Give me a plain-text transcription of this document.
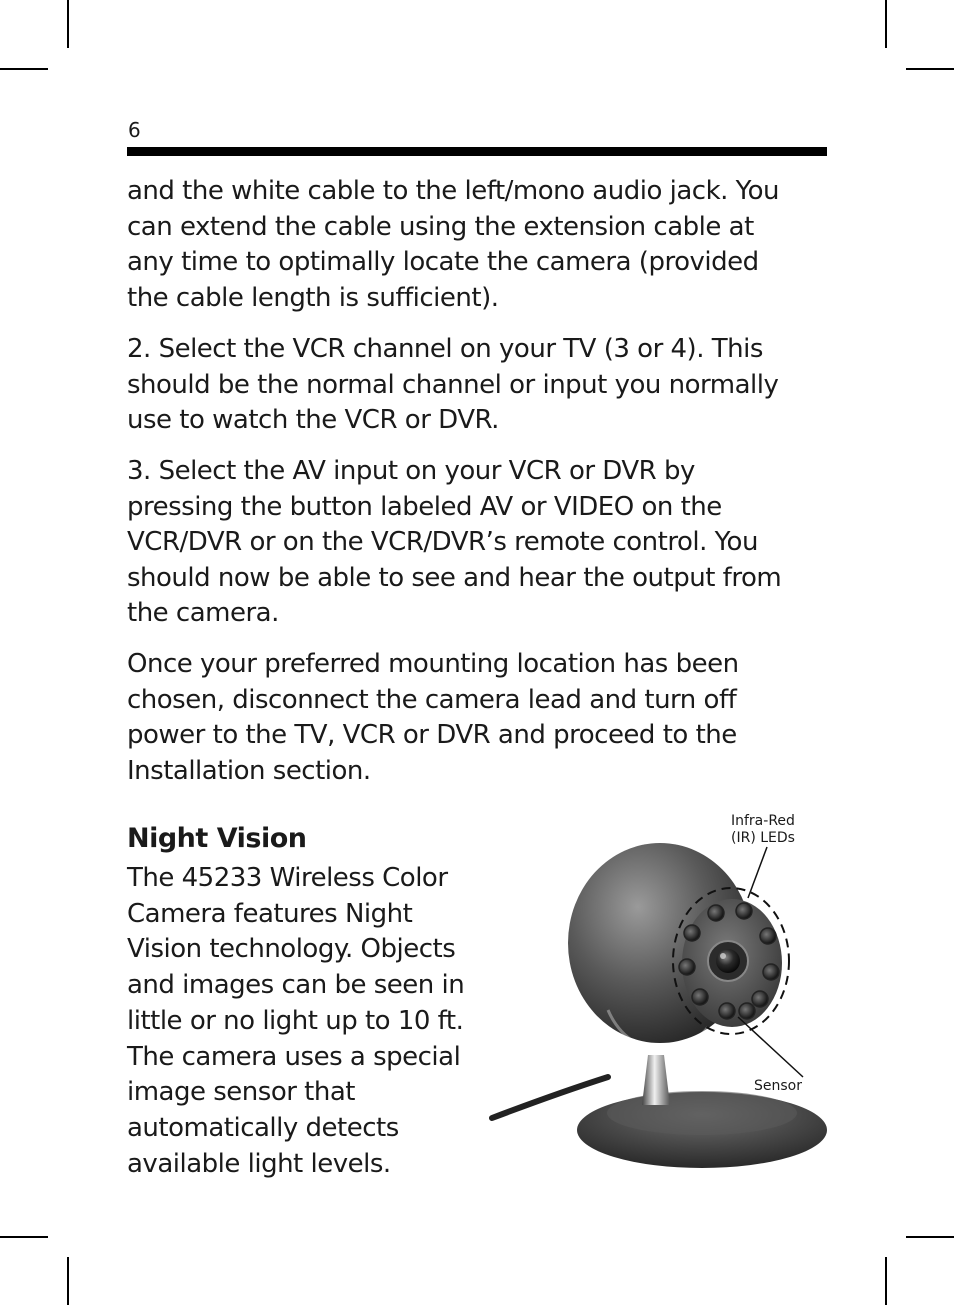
6
and the white cable to the left/mono audio jack. You
can extend the cable using the extension cable at
any time to optimally locate the camera (provided
the cable length is sufficient).
2. Select the VCR channel on your TV (3 or 4). This
should be the normal channel or input you normally
use to watch the VCR or DVR.
3. Select the AV input on your VCR or DVR by
pressing the button labeled AV or VIDEO on the
VCR/DVR or on the VCR/DVR’s remote control. You
should now be able to see and hear the output from
the camera.
Once your preferred mounting location has been
chosen, disconnect the camera lead and turn off
power to the TV, VCR or DVR and proceed to the
Installation section.
Night Vision
The 45233 Wireless Color
Camera features Night
Vision technology. Objects
and images can be seen in
little or no light up to 10 ft.
The camera uses a special
image sensor that
automatically detects
available light levels.
Infra-Red
(IR) LEDs
Sensor
